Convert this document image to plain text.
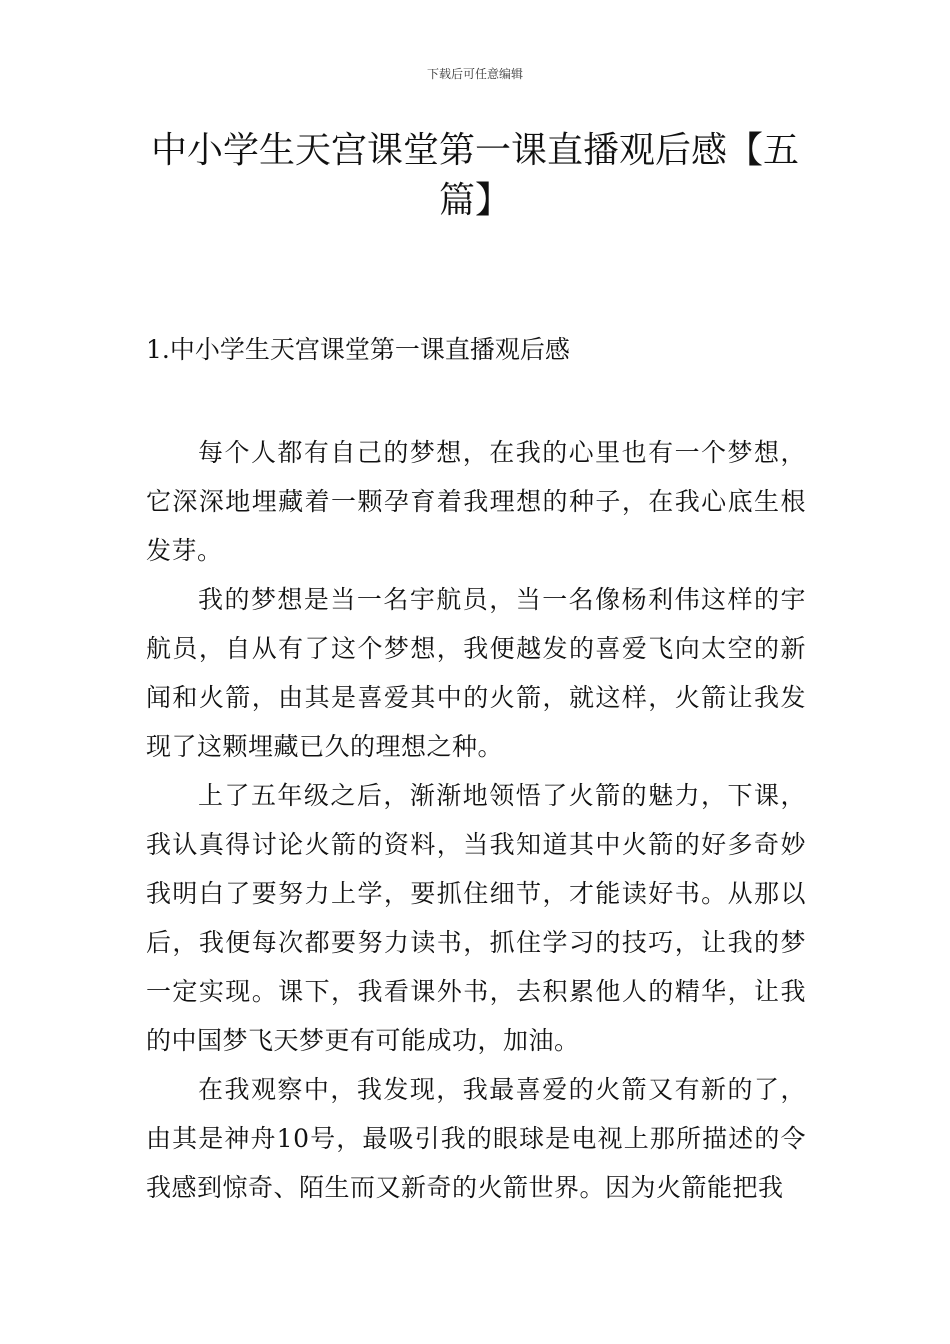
下载后可任意编辑
中小学生天宫课堂第一课直播观后感【五篇】
1.中小学生天宫课堂第一课直播观后感

每个人都有自己的梦想，在我的心里也有一个梦想，它深深地埋藏着一颗孕育着我理想的种子，在我心底生根发芽。

我的梦想是当一名宇航员，当一名像杨利伟这样的宇航员，自从有了这个梦想，我便越发的喜爱飞向太空的新闻和火箭，由其是喜爱其中的火箭，就这样，火箭让我发现了这颗埋藏已久的理想之种。

上了五年级之后，渐渐地领悟了火箭的魅力，下课，我认真得讨论火箭的资料，当我知道其中火箭的好多奇妙我明白了要努力上学，要抓住细节，才能读好书。从那以后，我便每次都要努力读书，抓住学习的技巧，让我的梦一定实现。课下，我看课外书，去积累他人的精华，让我的中国梦飞天梦更有可能成功，加油。

在我观察中，我发现，我最喜爱的火箭又有新的了，由其是神舟10号，最吸引我的眼球是电视上那所描述的令我感到惊奇、陌生而又新奇的火箭世界。因为火箭能把我
